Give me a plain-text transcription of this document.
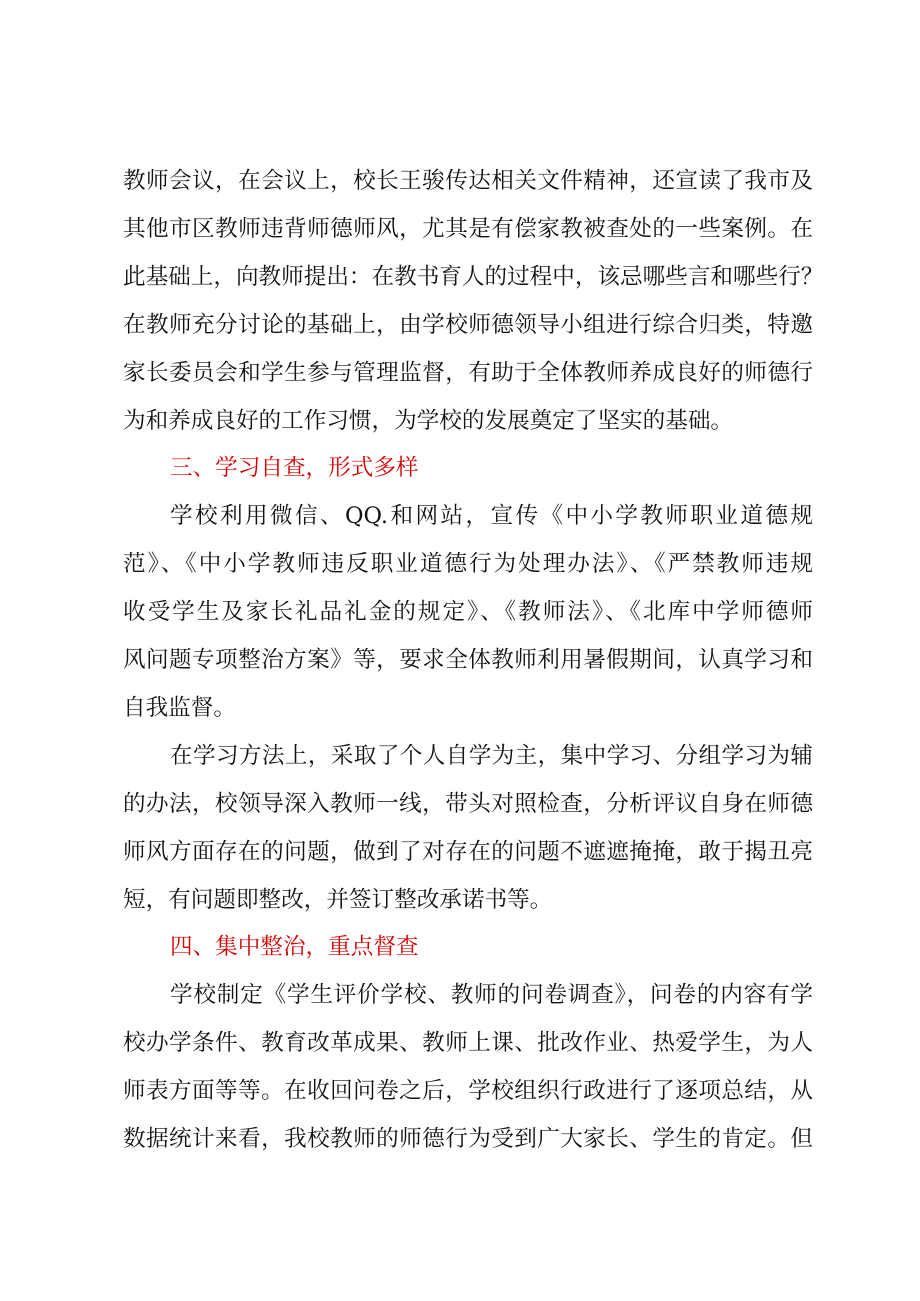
教师会议，在会议上，校长王骏传达相关文件精神，还宣读了我市及
其他市区教师违背师德师风，尤其是有偿家教被查处的一些案例。在
此基础上，向教师提出：在教书育人的过程中，该忌哪些言和哪些行？
在教师充分讨论的基础上，由学校师德领导小组进行综合归类，特邀
家长委员会和学生参与管理监督，有助于全体教师养成良好的师德行
为和养成良好的工作习惯，为学校的发展奠定了坚实的基础。
三、学习自查，形式多样
学校利用微信、QQ.和网站，宣传《中小学教师职业道德规
范》、《中小学教师违反职业道德行为处理办法》、《严禁教师违规
收受学生及家长礼品礼金的规定》、《教师法》、《北库中学师德师
风问题专项整治方案》等，要求全体教师利用暑假期间，认真学习和
自我监督。
在学习方法上，采取了个人自学为主，集中学习、分组学习为辅
的办法，校领导深入教师一线，带头对照检查，分析评议自身在师德
师风方面存在的问题，做到了对存在的问题不遮遮掩掩，敢于揭丑亮
短，有问题即整改，并签订整改承诺书等。
四、集中整治，重点督查
学校制定《学生评价学校、教师的问卷调查》，问卷的内容有学
校办学条件、教育改革成果、教师上课、批改作业、热爱学生，为人
师表方面等等。在收回问卷之后，学校组织行政进行了逐项总结，从
数据统计来看，我校教师的师德行为受到广大家长、学生的肯定。但
